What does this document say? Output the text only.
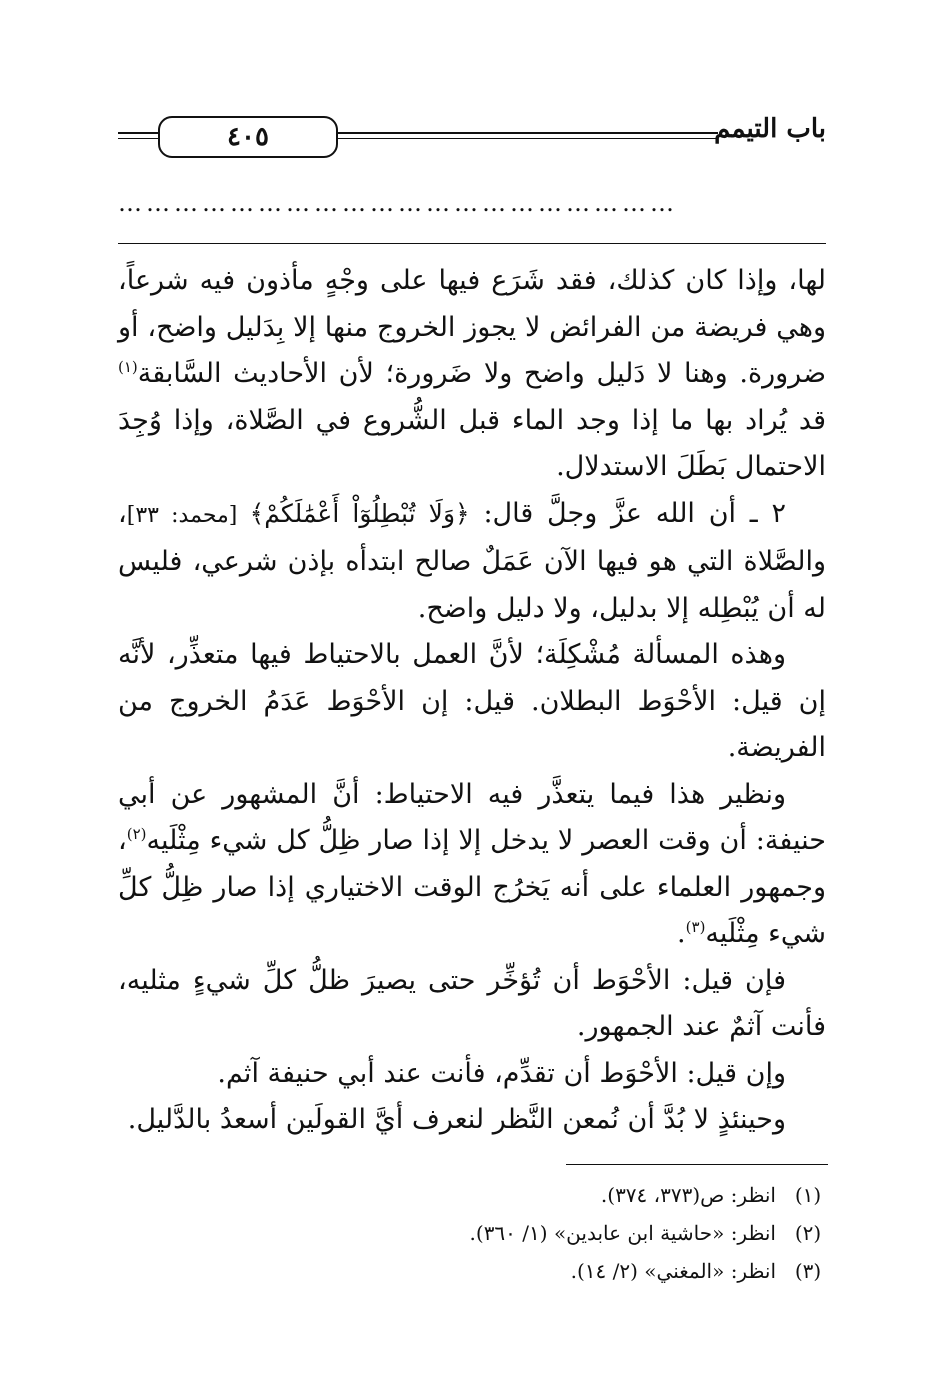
٤٠٥	باب التيمم
……………………………………………………

لها، وإذا كان كذلك، فقد شَرَع فيها على وجْهٍ مأذون فيه شرعاً، وهي فريضة من الفرائض لا يجوز الخروج منها إلا بِدَليل واضح، أو ضرورة. وهنا لا دَليل واضح ولا ضَرورة؛ لأن الأحاديث السَّابقة$^{(١)}$ قد يُراد بها ما إذا وجد الماء قبل الشُّروع في الصَّلاة، وإذا وُجِدَ الاحتمال بَطَلَ الاستدلال.

٢ ـ أن الله عزَّ وجلَّ قال: ﴿وَلَا تُبْطِلُوٓاْ أَعْمَٰلَكُمْ﴾ [محمد: ٣٣]، والصَّلاة التي هو فيها الآن عَمَلٌ صالح ابتدأه بإذن شرعي، فليس له أن يُبْطِله إلا بدليل، ولا دليل واضح.

وهذه المسألة مُشْكِلَة؛ لأنَّ العمل بالاحتياط فيها متعذِّر، لأنَّه إن قيل: الأحْوَط البطلان. قيل: إن الأحْوَط عَدَمُ الخروج من الفريضة.

ونظير هذا فيما يتعذَّر فيه الاحتياط: أنَّ المشهور عن أبي حنيفة: أن وقت العصر لا يدخل إلا إذا صار ظِلُّ كل شيء مِثْلَيه$^{(٢)}$، وجمهور العلماء على أنه يَخرُج الوقت الاختياري إذا صار ظِلُّ كلِّ شيء مِثْلَيه$^{(٣)}$.

فإن قيل: الأحْوَط أن تُؤخِّر حتى يصيرَ ظلُّ كلِّ شيءٍ مثليه، فأنت آثمٌ عند الجمهور.

وإن قيل: الأحْوَط أن تقدِّم، فأنت عند أبي حنيفة آثم.

وحينئذٍ لا بُدَّ أن نُمعن النَّظر لنعرف أيَّ القولَين أسعدُ بالدَّليل.

(١)
انظر: ص(٣٧٣، ٣٧٤).
(٢)
انظر: «حاشية ابن عابدين» (١/ ٣٦٠).
(٣)
انظر: «المغني» (٢/ ١٤).
